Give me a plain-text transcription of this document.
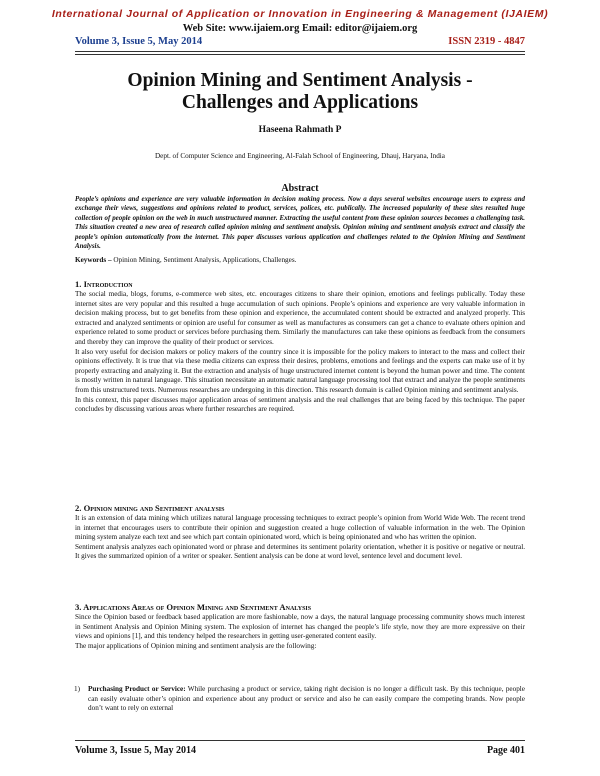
International Journal of Application or Innovation in Engineering & Management (IJAIEM)
Web Site: www.ijaiem.org Email: editor@ijaiem.org
Volume 3, Issue 5, May 2014	ISSN 2319 - 4847
Opinion Mining and Sentiment Analysis -
Challenges and Applications
Haseena Rahmath P
Dept. of Computer Science and Engineering, Al-Falah School of Engineering, Dhauj, Haryana, India
Abstract

People’s opinions and experience are very valuable information in decision making process. Now a days several websites encourage users to express and exchange their views, suggestions and opinions related to product, services, polices, etc. publically. The increased popularity of these sites resulted huge collection of people opinion on the web in much unstructured manner. Extracting the useful content from these opinion sources becomes a challenging task. This situation created a new area of research called opinion mining and sentiment analysis. Opinion mining and sentiment analysis extract and classify the people’s opinion automatically from the internet. This paper discusses various application and challenges related to the Opinion Mining and Sentiment Analysis.

Keywords – Opinion Mining, Sentiment Analysis, Applications, Challenges.

1. Introduction

The social media, blogs, forums, e-commerce web sites, etc. encourages citizens to share their opinion, emotions and feelings publically. Today these internet sites are very popular and this resulted a huge accumulation of such opinions. People’s opinions and experience are very valuable information in decision making process, but to get benefits from these opinion and experience, the accumulated content should be extracted and analyzed properly. This extracted and analyzed sentiments or opinion are useful for consumer as well as manufactures as consumers can get a chance to evaluate others opinion and experience related to some product or services before purchasing them. Similarly the manufactures can take these opinions as feedback from the consumers and thereby they can improve the quality of their product or services.

It also very useful for decision makers or policy makers of the country since it is impossible for the policy makers to interact to the mass and collect their opinions effectively. It is true that via these media citizens can express their desires, problems, emotions and feelings and the experts can make use of it by properly extracting and analyzing it. But the extraction and analysis of huge unstructured internet content is beyond the human power and time. The content is mostly written in natural language. This situation necessitate an automatic natural language processing tool that extract and analyze the people sentiments from this unstructured texts. Numerous researches are undergoing in this direction. This research domain is called Opinion mining and sentiment analysis.

In this context, this paper discusses major application areas of sentiment analysis and the real challenges that are being faced by this technique. The paper concludes by discussing various areas where further researches are required.

2. Opinion mining and Sentiment analysis

It is an extension of data mining which utilizes natural language processing techniques to extract people’s opinion from World Wide Web. The recent trend in internet that encourages users to contribute their opinion and suggestion created a huge collection of valuable information in the web. The Opinion mining system analyze each text and see which part contain opinionated word, which is being opinionated and who has written the opinion.

Sentiment analysis analyzes each opinionated word or phrase and determines its sentiment polarity orientation, whether it is positive or negative or neutral. It gives the summarized opinion of a writer or speaker. Sentient analysis can be done at word level, sentence level and document level.

3. Applications Areas of Opinion Mining and Sentiment Analysis

Since the Opinion based or feedback based application are more fashionable, now a days, the natural language processing community shows much interest in Sentiment Analysis and Opinion Mining system. The explosion of internet has changed the people’s life style, now they are more expressive on their views and opinions [1], and this tendency helped the researchers in getting user-generated content easily.

The major applications of Opinion mining and sentiment analysis are the following:

1) Purchasing Product or Service: While purchasing a product or service, taking right decision is no longer a difficult task. By this technique, people can easily evaluate other’s opinion and experience about any product or service and also he can easily compare the competing brands. Now people don’t want to rely on external

Volume 3, Issue 5, May 2014	Page 401
